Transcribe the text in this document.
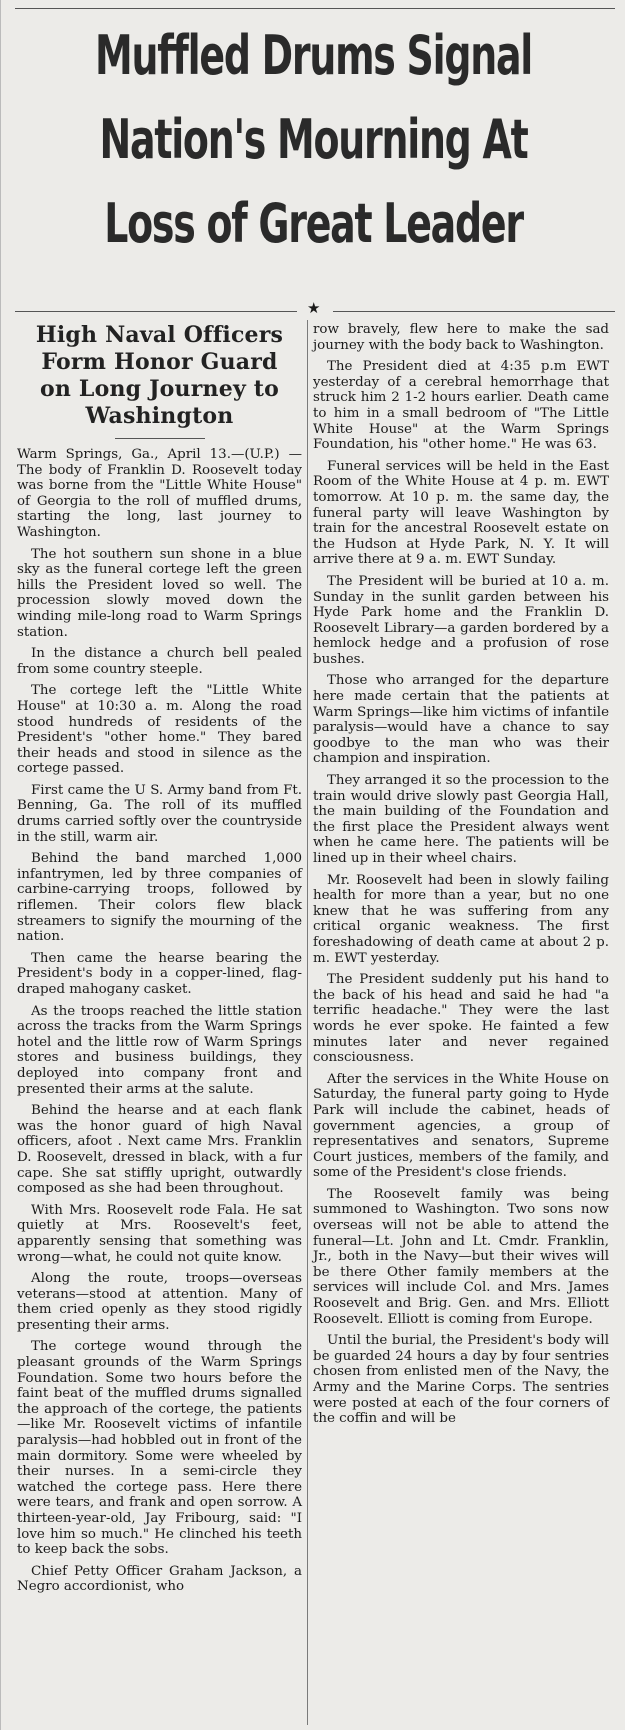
Muffled Drums Signal
Nation's Mourning At
Loss of Great Leader
★
High Naval Officers
Form Honor Guard
on Long Journey to
Washington

Warm Springs, Ga., April 13.—(U.P.) —The body of Franklin D. Roosevelt today was borne from the "Little White House" of Georgia to the roll of muffled drums, starting the long, last journey to Washington.

The hot southern sun shone in a blue sky as the funeral cortege left the green hills the President loved so well. The procession slowly moved down the winding mile-long road to Warm Springs station.

In the distance a church bell pealed from some country steeple.

The cortege left the "Little White House" at 10:30 a. m. Along the road stood hundreds of residents of the President's "other home." They bared their heads and stood in silence as the cortege passed.

First came the U S. Army band from Ft. Benning, Ga. The roll of its muffled drums carried softly over the countryside in the still, warm air.

Behind the band marched 1,000 infantrymen, led by three companies of carbine-carrying troops, followed by riflemen. Their colors flew black streamers to signify the mourning of the nation.

Then came the hearse bearing the President's body in a copper-lined, flag-draped mahogany casket.

As the troops reached the little station across the tracks from the Warm Springs hotel and the little row of Warm Springs stores and business buildings, they deployed into company front and presented their arms at the salute.

Behind the hearse and at each flank was the honor guard of high Naval officers, afoot . Next came Mrs. Franklin D. Roosevelt, dressed in black, with a fur cape. She sat stiffly upright, outwardly composed as she had been throughout.

With Mrs. Roosevelt rode Fala. He sat quietly at Mrs. Roosevelt's feet, apparently sensing that something was wrong—what, he could not quite know.

Along the route, troops—overseas veterans—stood at attention. Many of them cried openly as they stood rigidly presenting their arms.

The cortege wound through the pleasant grounds of the Warm Springs Foundation. Some two hours before the faint beat of the muffled drums signalled the approach of the cortege, the patients —like Mr. Roosevelt victims of infantile paralysis—had hobbled out in front of the main dormitory. Some were wheeled by their nurses. In a semi-circle they watched the cortege pass. Here there were tears, and frank and open sorrow. A thirteen-year-old, Jay Fribourg, said: "I love him so much." He clinched his teeth to keep back the sobs.

Chief Petty Officer Graham Jackson, a Negro accordionist, who

row bravely, flew here to make the sad journey with the body back to Washington.

The President died at 4:35 p.m EWT yesterday of a cerebral hemorrhage that struck him 2 1-2 hours earlier. Death came to him in a small bedroom of "The Little White House" at the Warm Springs Foundation, his "other home." He was 63.

Funeral services will be held in the East Room of the White House at 4 p. m. EWT tomorrow. At 10 p. m. the same day, the funeral party will leave Washington by train for the ancestral Roosevelt estate on the Hudson at Hyde Park, N. Y. It will arrive there at 9 a. m. EWT Sunday.

The President will be buried at 10 a. m. Sunday in the sunlit garden between his Hyde Park home and the Franklin D. Roosevelt Library—a garden bordered by a hemlock hedge and a profusion of rose bushes.

Those who arranged for the departure here made certain that the patients at Warm Springs—like him victims of infantile paralysis—would have a chance to say goodbye to the man who was their champion and inspiration.

They arranged it so the procession to the train would drive slowly past Georgia Hall, the main building of the Foundation and the first place the President always went when he came here. The patients will be lined up in their wheel chairs.

Mr. Roosevelt had been in slowly failing health for more than a year, but no one knew that he was suffering from any critical organic weakness. The first foreshadowing of death came at about 2 p. m. EWT yesterday.

The President suddenly put his hand to the back of his head and said he had "a terrific headache." They were the last words he ever spoke. He fainted a few minutes later and never regained consciousness.

After the services in the White House on Saturday, the funeral party going to Hyde Park will include the cabinet, heads of government agencies, a group of representatives and senators, Supreme Court justices, members of the family, and some of the President's close friends.

The Roosevelt family was being summoned to Washington. Two sons now overseas will not be able to attend the funeral—Lt. John and Lt. Cmdr. Franklin, Jr., both in the Navy—but their wives will be there Other family members at the services will include Col. and Mrs. James Roosevelt and Brig. Gen. and Mrs. Elliott Roosevelt. Elliott is coming from Europe.

Until the burial, the President's body will be guarded 24 hours a day by four sentries chosen from enlisted men of the Navy, the Army and the Marine Corps. The sentries were posted at each of the four corners of the coffin and will be
